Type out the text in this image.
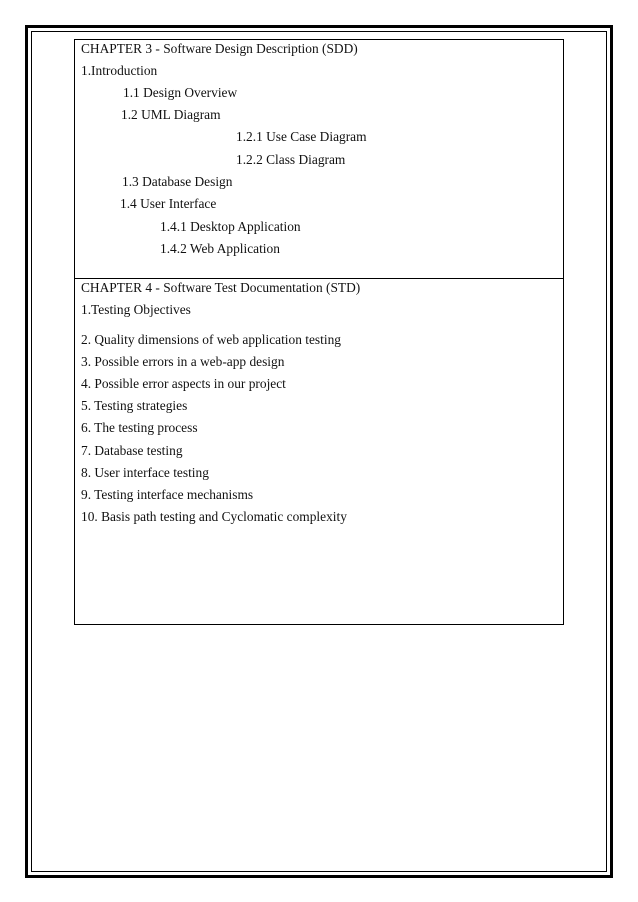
CHAPTER 3 - Software Design Description (SDD)
1.Introduction
1.1 Design Overview
1.2 UML Diagram
1.2.1 Use Case Diagram
1.2.2 Class Diagram
1.3 Database Design
1.4 User Interface
1.4.1 Desktop Application
1.4.2 Web Application
CHAPTER 4 - Software Test Documentation (STD)
1.Testing Objectives
2. Quality dimensions of web application testing
3. Possible errors in a web-app design
4. Possible error aspects in our project
5. Testing strategies
6. The testing process
7. Database testing
8. User interface testing
9. Testing interface mechanisms
10. Basis path testing and Cyclomatic complexity
